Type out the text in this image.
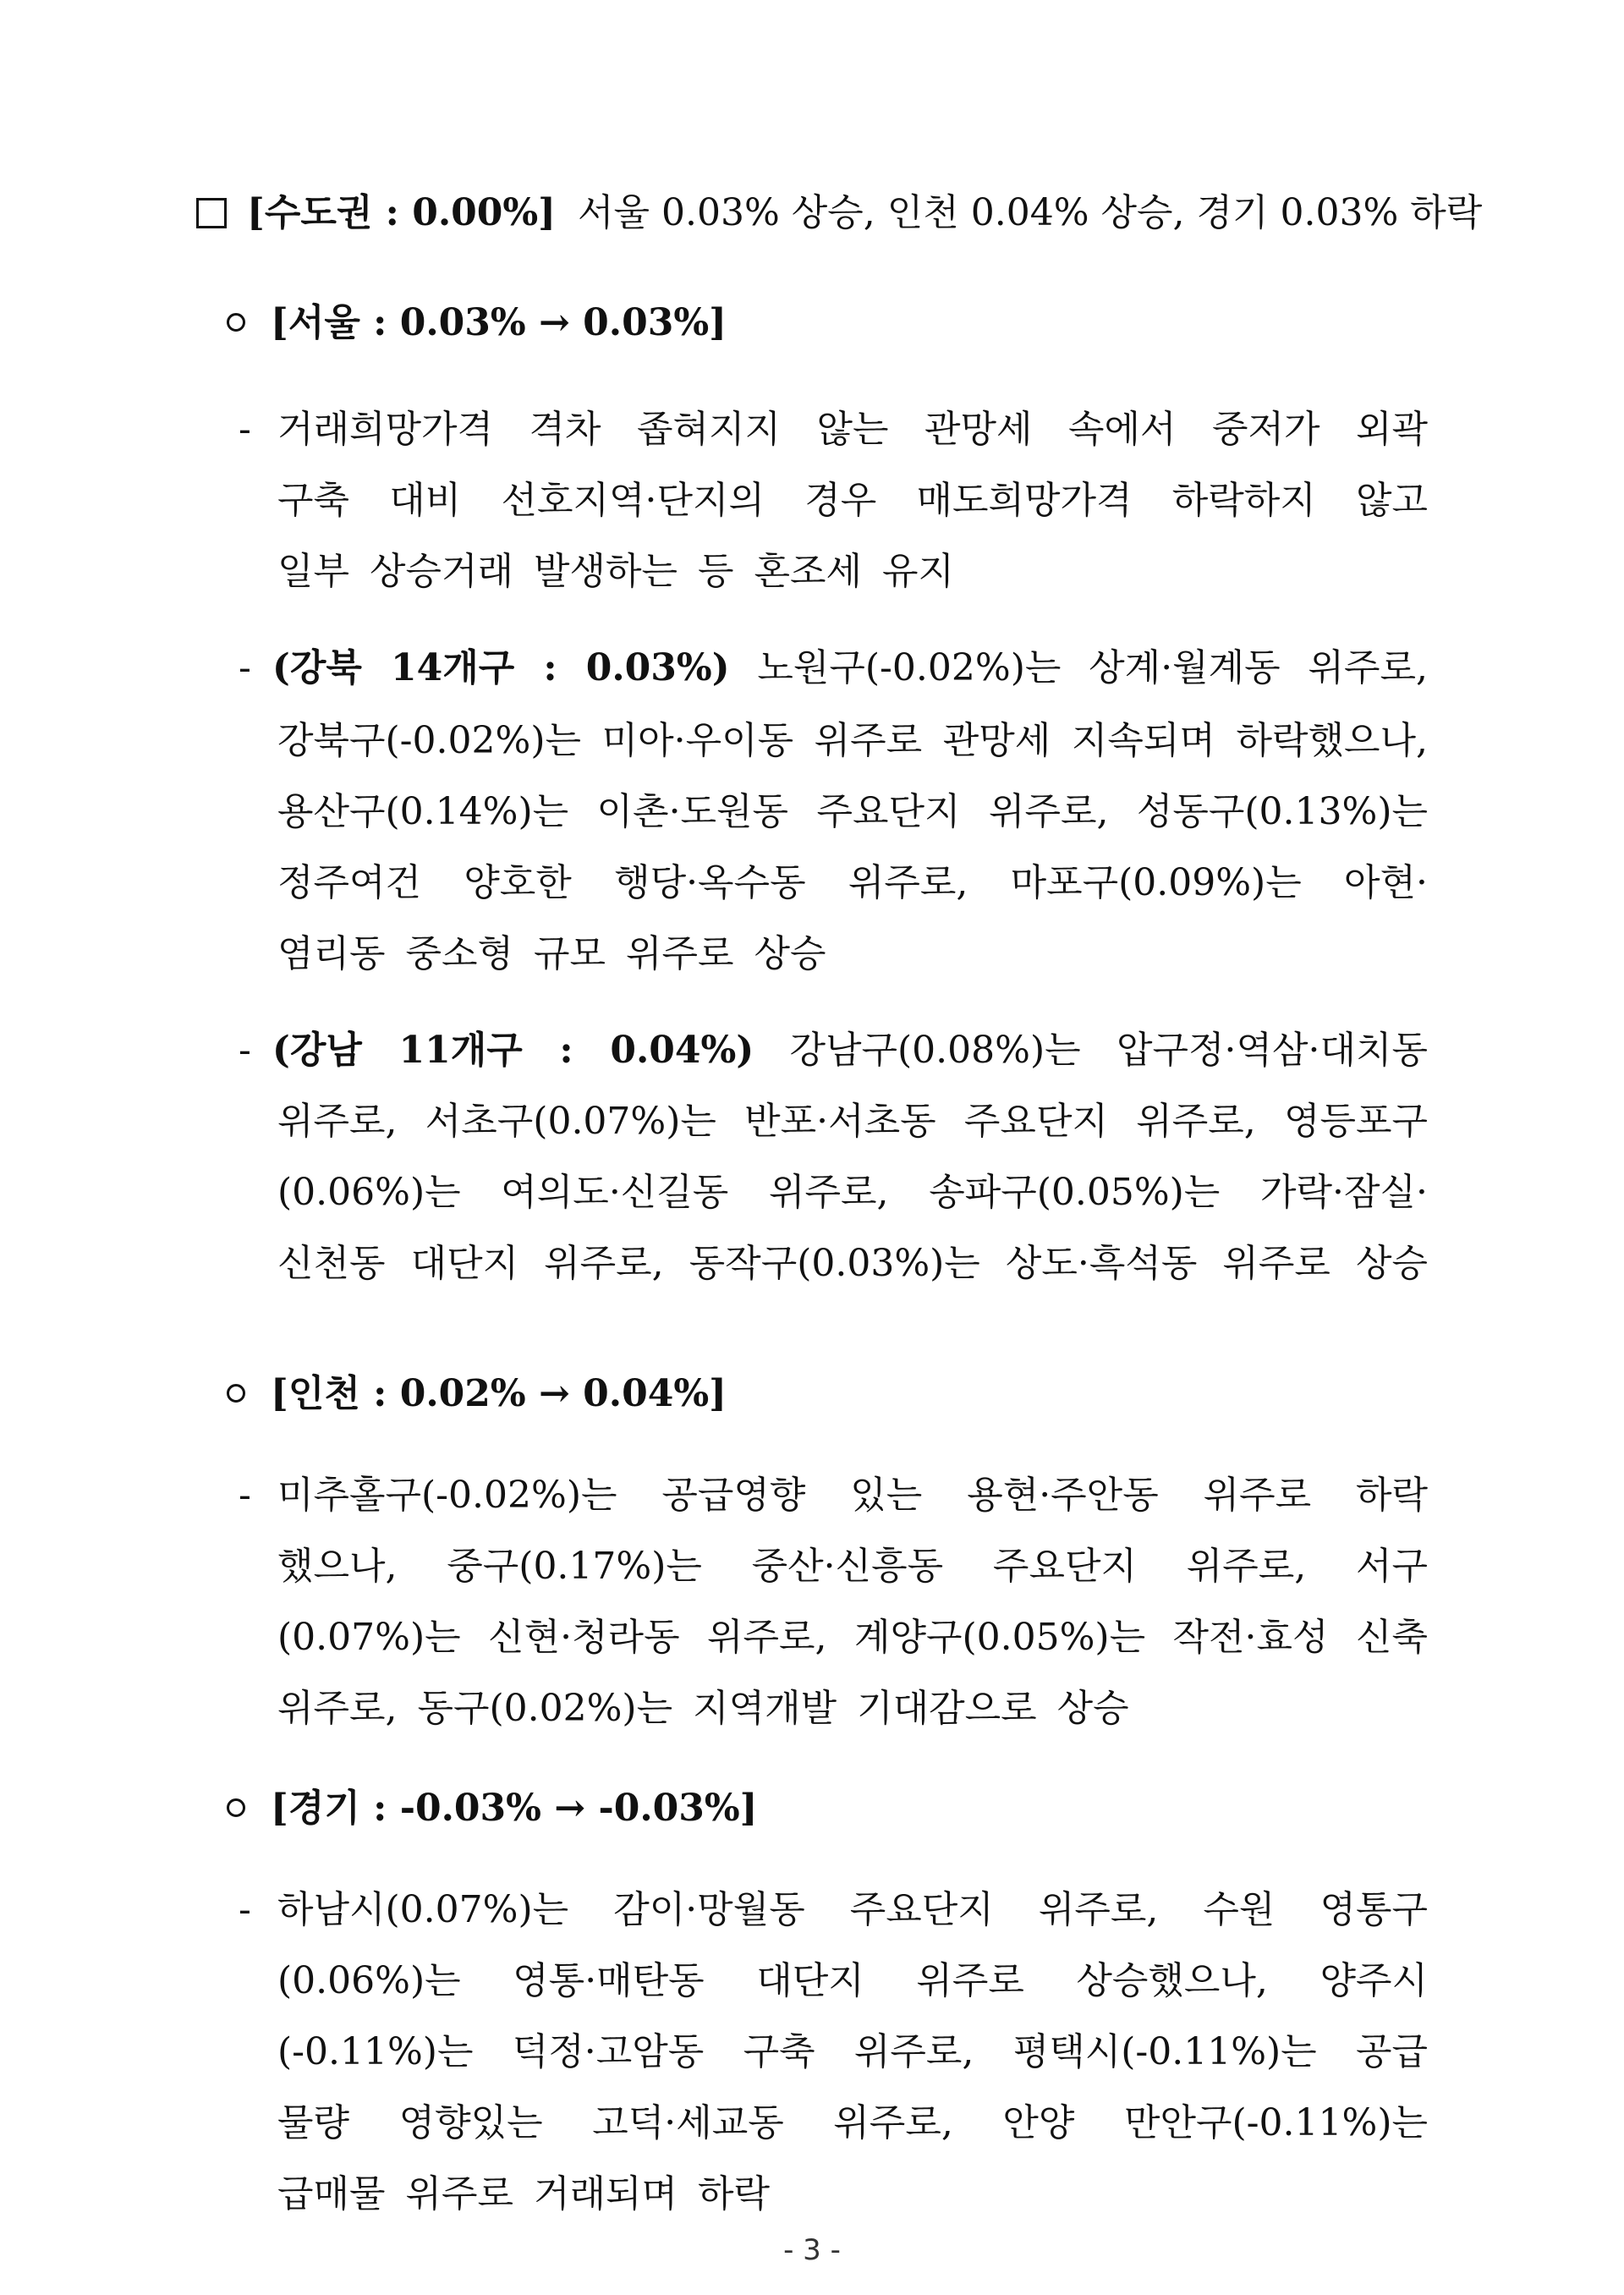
[수도권 : 0.00%] 서울 0.03% 상승, 인천 0.04% 상승, 경기 0.03% 하락
[서울 : 0.03% → 0.03%]
- 거래희망가격 격차 좁혀지지 않는 관망세 속에서 중저가 외곽
구축 대비 선호지역·단지의 경우 매도희망가격 하락하지 않고
일부 상승거래 발생하는 등 혼조세 유지
- (강북 14개구 : 0.03%) 노원구(-0.02%)는 상계·월계동 위주로,
강북구(-0.02%)는 미아·우이동 위주로 관망세 지속되며 하락했으나,
용산구(0.14%)는 이촌·도원동 주요단지 위주로, 성동구(0.13%)는
정주여건 양호한 행당·옥수동 위주로, 마포구(0.09%)는 아현·
염리동 중소형 규모 위주로 상승
- (강남 11개구 : 0.04%) 강남구(0.08%)는 압구정·역삼·대치동
위주로, 서초구(0.07%)는 반포·서초동 주요단지 위주로, 영등포구
(0.06%)는 여의도·신길동 위주로, 송파구(0.05%)는 가락·잠실·
신천동 대단지 위주로, 동작구(0.03%)는 상도·흑석동 위주로 상승
[인천 : 0.02% → 0.04%]
- 미추홀구(-0.02%)는 공급영향 있는 용현·주안동 위주로 하락
했으나, 중구(0.17%)는 중산·신흥동 주요단지 위주로, 서구
(0.07%)는 신현·청라동 위주로, 계양구(0.05%)는 작전·효성 신축
위주로, 동구(0.02%)는 지역개발 기대감으로 상승
[경기 : -0.03% → -0.03%]
- 하남시(0.07%)는 감이·망월동 주요단지 위주로, 수원 영통구
(0.06%)는 영통·매탄동 대단지 위주로 상승했으나, 양주시
(-0.11%)는 덕정·고암동 구축 위주로, 평택시(-0.11%)는 공급
물량 영향있는 고덕·세교동 위주로, 안양 만안구(-0.11%)는
급매물 위주로 거래되며 하락
- 3 -
